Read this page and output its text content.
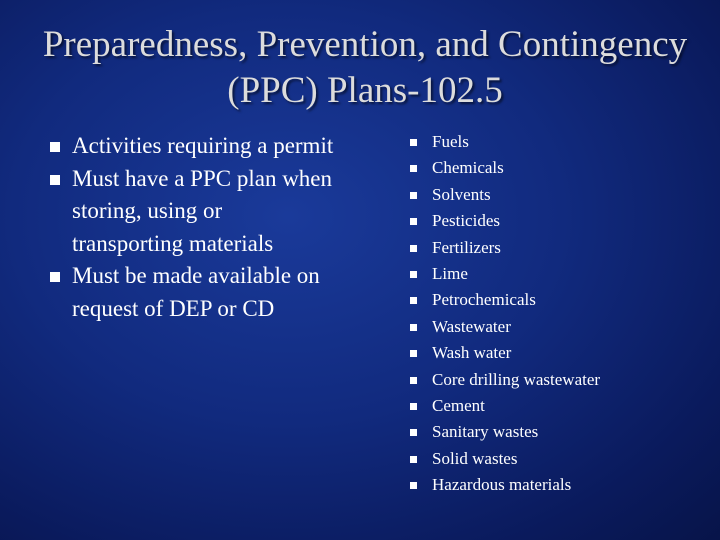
Preparedness, Prevention, and Contingency (PPC) Plans-102.5
Activities requiring a permit
Must have a PPC plan when storing, using or transporting materials
Must be made available on request of DEP or CD
Fuels
Chemicals
Solvents
Pesticides
Fertilizers
Lime
Petrochemicals
Wastewater
Wash water
Core drilling wastewater
Cement
Sanitary wastes
Solid wastes
Hazardous materials
